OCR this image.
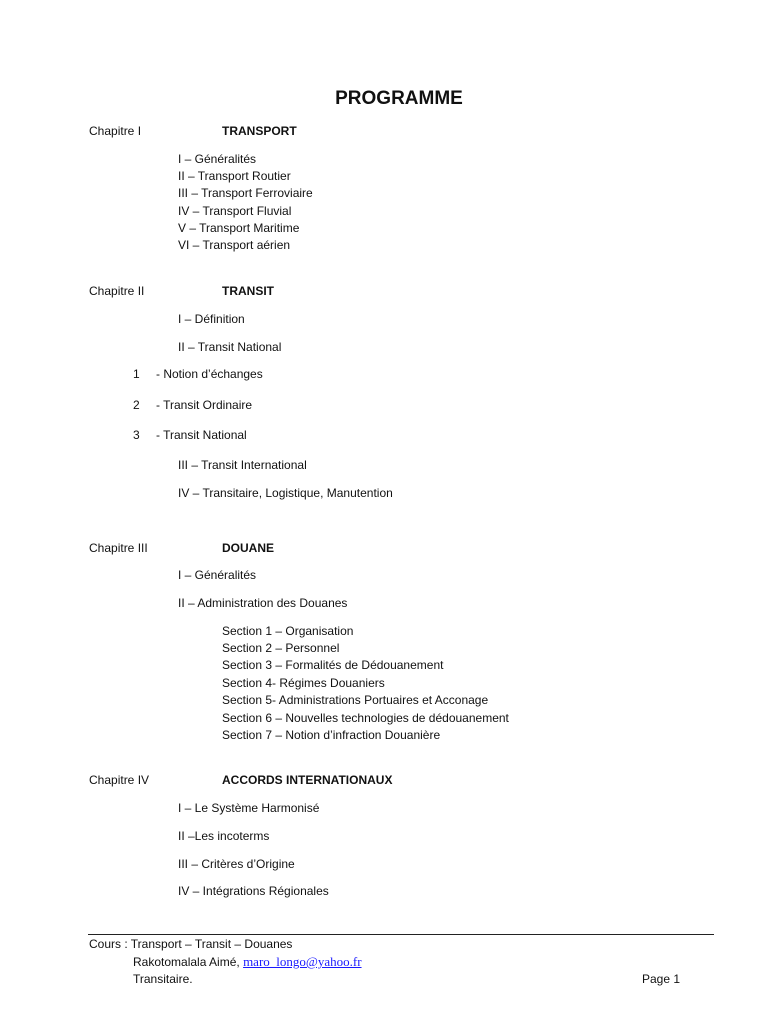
PROGRAMME
Chapitre I	TRANSPORT
I – Généralités
II – Transport Routier
III – Transport Ferroviaire
IV – Transport Fluvial
V – Transport Maritime
VI – Transport aérien
Chapitre II	TRANSIT
I – Définition
II – Transit National
1 - Notion d’échanges
2 - Transit Ordinaire
3 - Transit National
III – Transit International
IV – Transitaire, Logistique, Manutention
Chapitre III	DOUANE
I – Généralités
II – Administration des Douanes
Section 1 – Organisation
Section 2 – Personnel
Section 3 – Formalités de Dédouanement
Section 4- Régimes Douaniers
Section 5- Administrations Portuaires et Acconage
Section 6 – Nouvelles technologies de dédouanement
Section 7 – Notion d’infraction Douanière
Chapitre IV	ACCORDS INTERNATIONAUX
I – Le Système Harmonisé
II –Les incoterms
III – Critères d’Origine
IV – Intégrations Régionales
Cours : Transport – Transit – Douanes
Rakotomalala Aimé, maro_longo@yahoo.fr
Transitaire.	Page 1
